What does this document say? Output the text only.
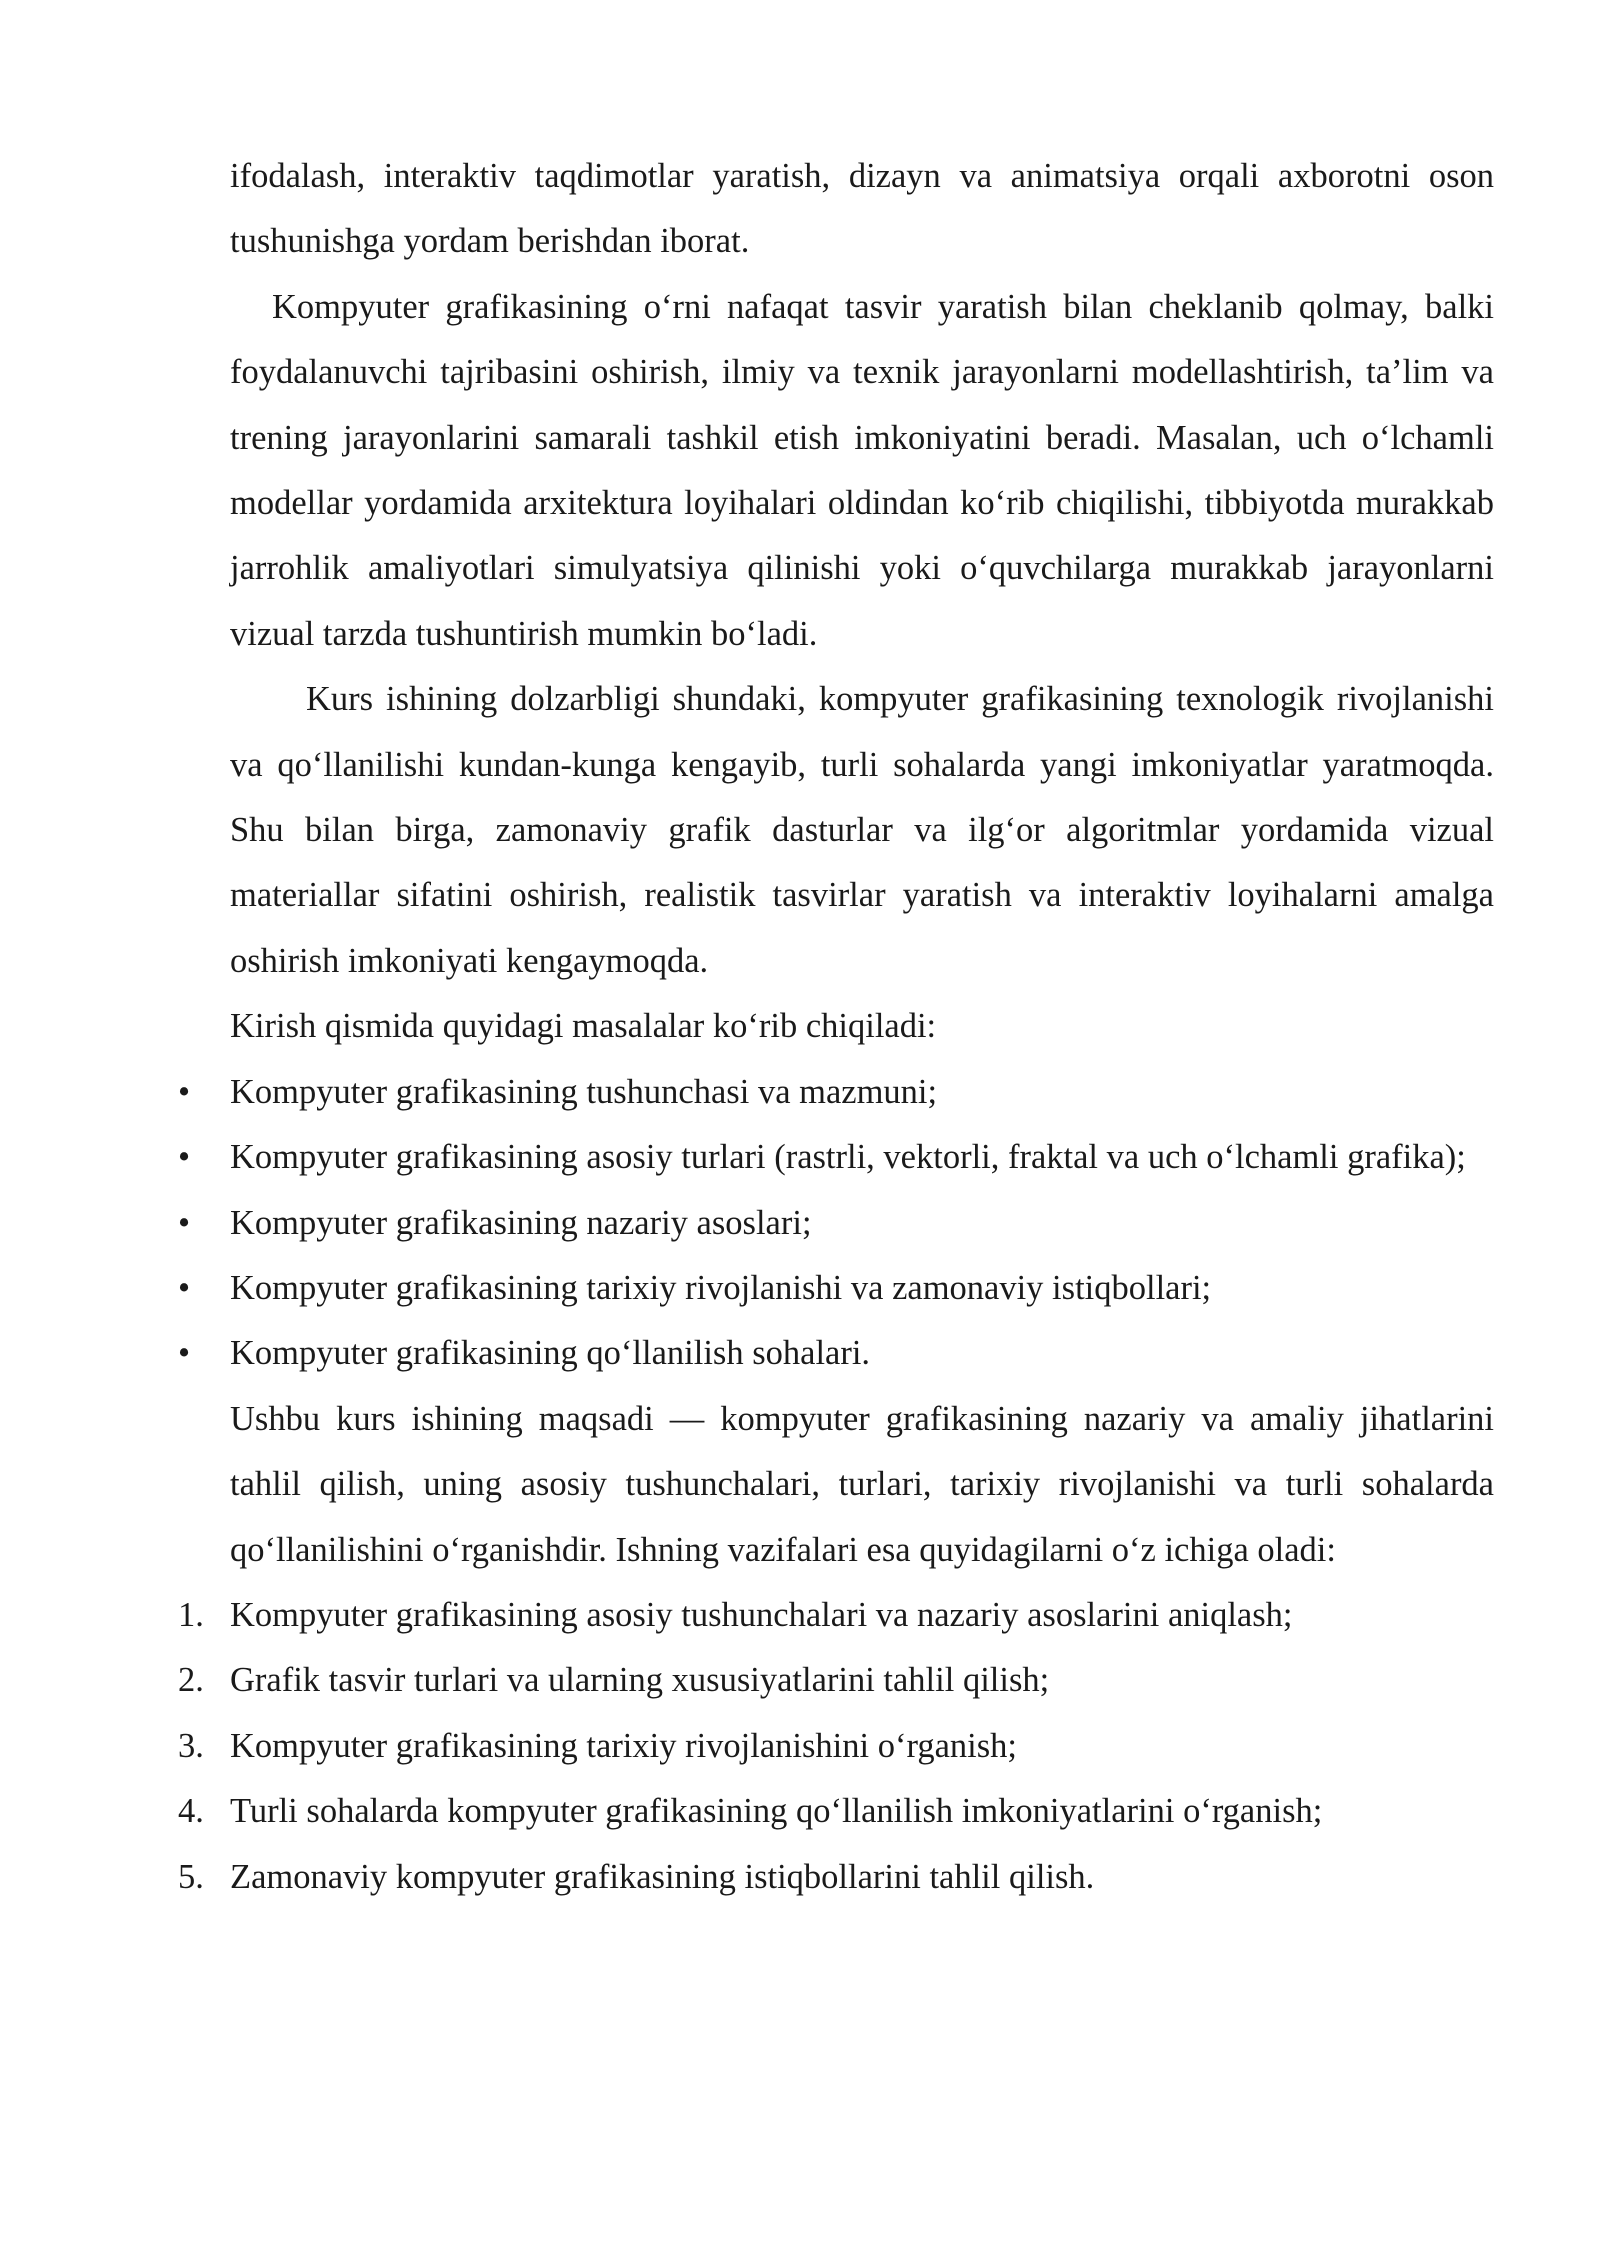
ifodalash, interaktiv taqdimotlar yaratish, dizayn va animatsiya orqali axborotni oson tushunishga yordam berishdan iborat.

Kompyuter grafikasining o‘rni nafaqat tasvir yaratish bilan cheklanib qolmay, balki foydalanuvchi tajribasini oshirish, ilmiy va texnik jarayonlarni modellashtirish, ta’lim va trening jarayonlarini samarali tashkil etish imkoniyatini beradi. Masalan, uch o‘lchamli modellar yordamida arxitektura loyihalari oldindan ko‘rib chiqilishi, tibbiyotda murakkab jarrohlik amaliyotlari simulyatsiya qilinishi yoki o‘quvchilarga murakkab jarayonlarni vizual tarzda tushuntirish mumkin bo‘ladi.

Kurs ishining dolzarbligi shundaki, kompyuter grafikasining texnologik rivojlanishi va qo‘llanilishi kundan-kunga kengayib, turli sohalarda yangi imkoniyatlar yaratmoqda. Shu bilan birga, zamonaviy grafik dasturlar va ilg‘or algoritmlar yordamida vizual materiallar sifatini oshirish, realistik tasvirlar yaratish va interaktiv loyihalarni amalga oshirish imkoniyati kengaymoqda.

Kirish qismida quyidagi masalalar ko‘rib chiqiladi:

• Kompyuter grafikasining tushunchasi va mazmuni;
• Kompyuter grafikasining asosiy turlari (rastrli, vektorli, fraktal va uch o‘lchamli grafika);
• Kompyuter grafikasining nazariy asoslari;
• Kompyuter grafikasining tarixiy rivojlanishi va zamonaviy istiqbollari;
• Kompyuter grafikasining qo‘llanilish sohalari.

Ushbu kurs ishining maqsadi — kompyuter grafikasining nazariy va amaliy jihatlarini tahlil qilish, uning asosiy tushunchalari, turlari, tarixiy rivojlanishi va turli sohalarda qo‘llanilishini o‘rganishdir. Ishning vazifalari esa quyidagilarni o‘z ichiga oladi:

1. Kompyuter grafikasining asosiy tushunchalari va nazariy asoslarini aniqlash;
2. Grafik tasvir turlari va ularning xususiyatlarini tahlil qilish;
3. Kompyuter grafikasining tarixiy rivojlanishini o‘rganish;
4. Turli sohalarda kompyuter grafikasining qo‘llanilish imkoniyatlarini o‘rganish;
5. Zamonaviy kompyuter grafikasining istiqbollarini tahlil qilish.
